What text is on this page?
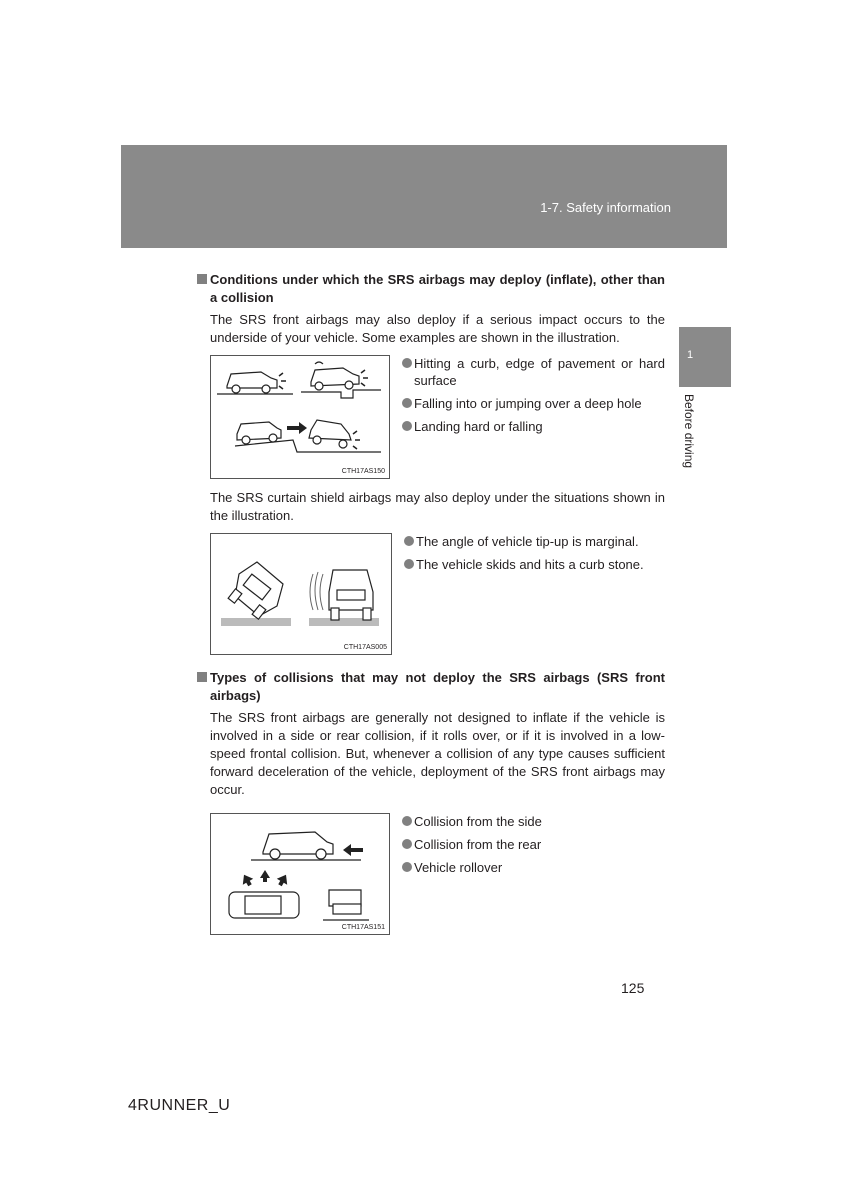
1-7. Safety information
1
Before driving
Conditions under which the SRS airbags may deploy (inflate), other than a collision

The SRS front airbags may also deploy if a serious impact occurs to the underside of your vehicle. Some examples are shown in the illustration.

CTH17AS150
Hitting a curb, edge of pavement or hard surface
Falling into or jumping over a deep hole
Landing hard or falling

The SRS curtain shield airbags may also deploy under the situations shown in the illustration.

CTH17AS005
The angle of vehicle tip-up is marginal.
The vehicle skids and hits a curb stone.
Types of collisions that may not deploy the SRS airbags (SRS front airbags)

The SRS front airbags are generally not designed to inflate if the vehicle is involved in a side or rear collision, if it rolls over, or if it is involved in a low-speed frontal collision. But, whenever a collision of any type causes sufficient forward deceleration of the vehicle, deployment of the SRS front airbags may occur.

CTH17AS151
Collision from the side
Collision from the rear
Vehicle rollover
125
4RUNNER_U
